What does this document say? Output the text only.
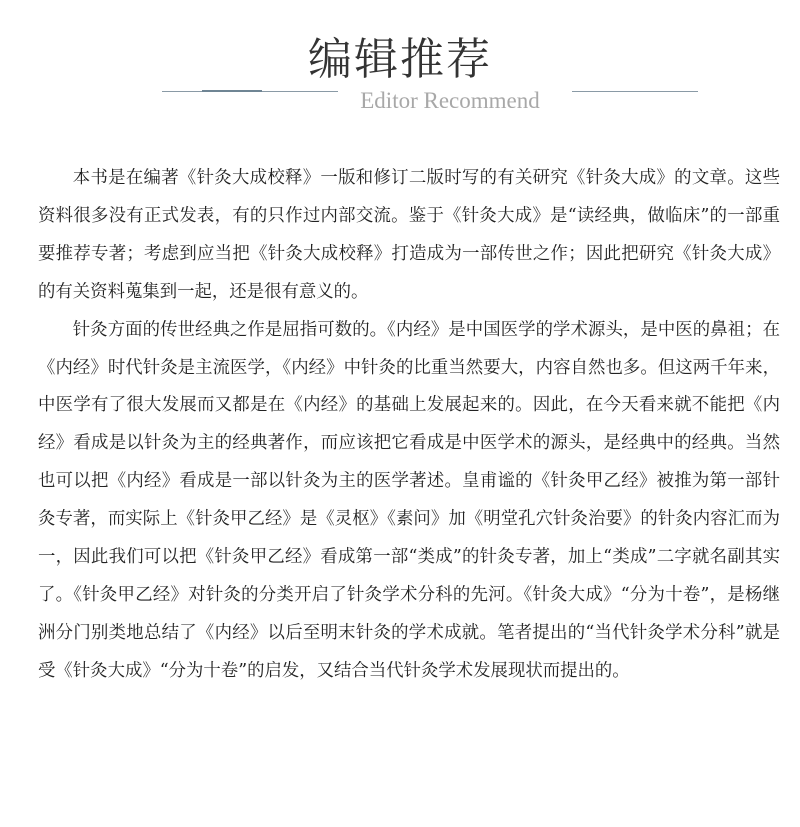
编辑推荐
Editor Recommend

本书是在编著《针灸大成校释》一版和修订二版时写的有关研究《针灸大成》的文章。这些资料很多没有正式发表，有的只作过内部交流。鉴于《针灸大成》是“读经典，做临床”的一部重要推荐专著；考虑到应当把《针灸大成校释》打造成为一部传世之作；因此把研究《针灸大成》的有关资料蒐集到一起，还是很有意义的。

针灸方面的传世经典之作是屈指可数的。《内经》是中国医学的学术源头，是中医的鼻祖；在《内经》时代针灸是主流医学，《内经》中针灸的比重当然要大，内容自然也多。但这两千年来，中医学有了很大发展而又都是在《内经》的基础上发展起来的。因此，在今天看来就不能把《内经》看成是以针灸为主的经典著作，而应该把它看成是中医学术的源头，是经典中的经典。当然也可以把《内经》看成是一部以针灸为主的医学著述。皇甫谧的《针灸甲乙经》被推为第一部针灸专著，而实际上《针灸甲乙经》是《灵枢》《素问》加《明堂孔穴针灸治要》的针灸内容汇而为一，因此我们可以把《针灸甲乙经》看成第一部“类成”的针灸专著，加上“类成”二字就名副其实了。《针灸甲乙经》对针灸的分类开启了针灸学术分科的先河。《针灸大成》“分为十卷”，是杨继洲分门别类地总结了《内经》以后至明末针灸的学术成就。笔者提出的“当代针灸学术分科”就是受《针灸大成》“分为十卷”的启发，又结合当代针灸学术发展现状而提出的。
